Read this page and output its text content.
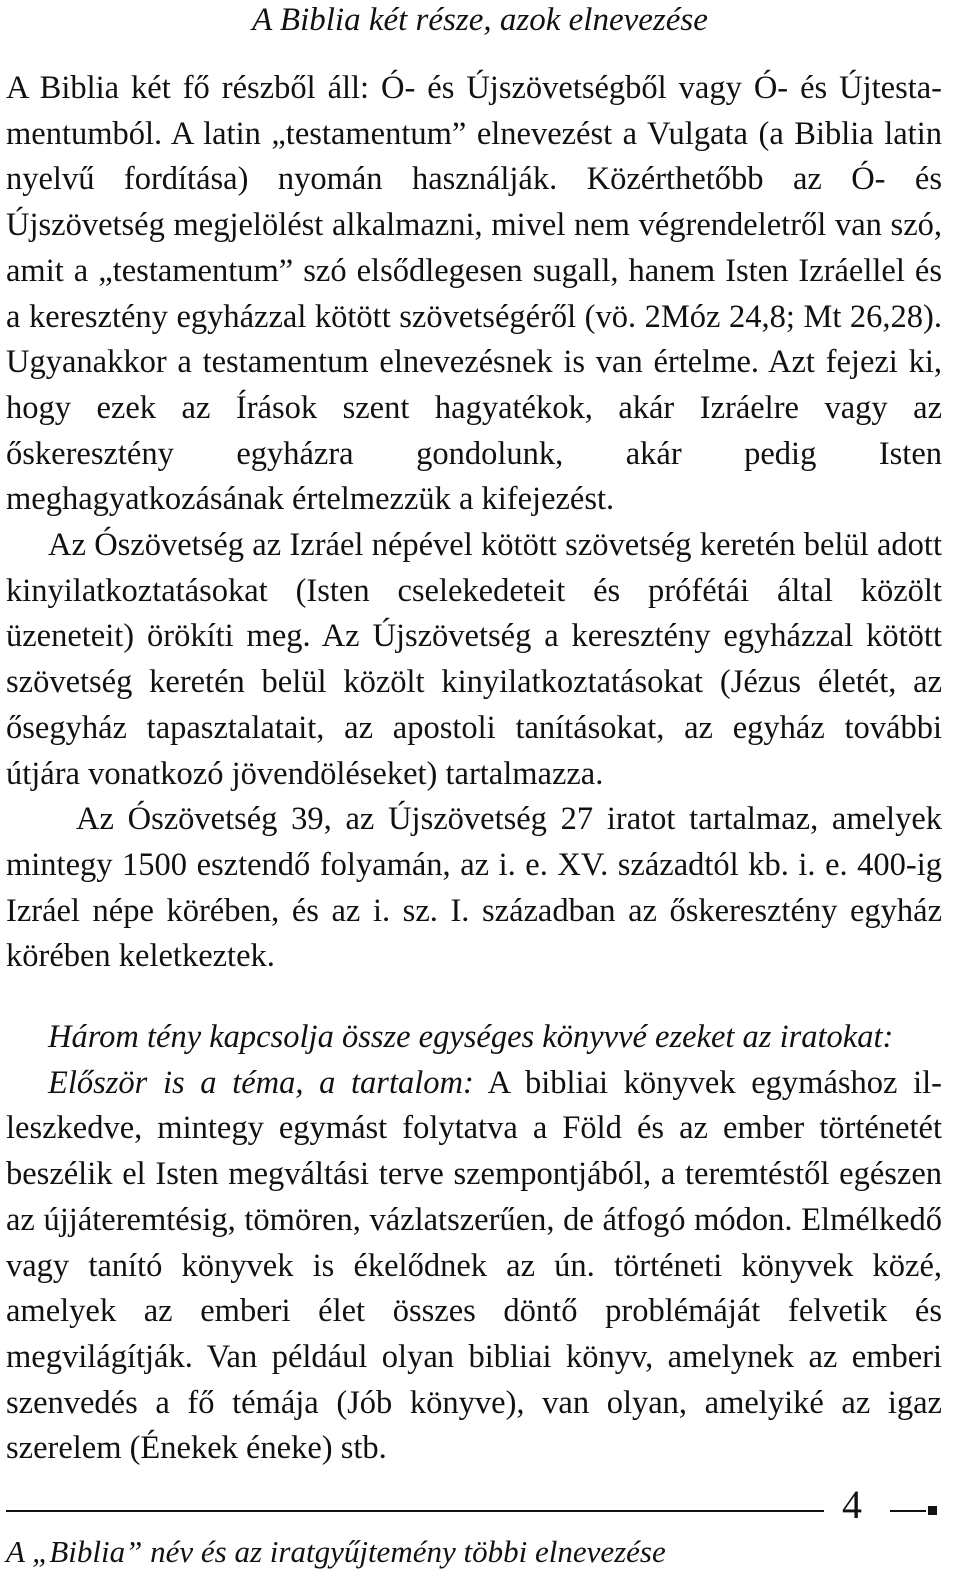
A Biblia két része, azok elnevezése

A Biblia két fő részből áll: Ó- és Újszövetségből vagy Ó- és Újtestamentumból. A latin „testamentum” elnevezést a Vulgata (a Biblia latin nyelvű fordítása) nyomán használják. Közérthetőbb az Ó- és Újszövetség megjelölést alkalmazni, mivel nem végrendeletről van szó, amit a „testamentum” szó elsődlegesen sugall, hanem Isten Izráellel és a keresztény egyházzal kötött szövetségéről (vö. 2Móz 24,8; Mt 26,28). Ugyanakkor a testamentum elnevezésnek is van értelme. Azt fejezi ki, hogy ezek az Írások szent hagyatékok, akár Izráelre vagy az őskeresztény egyházra gondolunk, akár pedig Isten meghagyatkozásának értelmezzük a kifejezést.

Az Ószövetség az Izráel népével kötött szövetség keretén belül adott kinyilatkoztatásokat (Isten cselekedeteit és prófétái által közölt üzeneteit) örökíti meg. Az Újszövetség a keresztény egyházzal kötött szövetség keretén belül közölt kinyilatkoztatásokat (Jézus életét, az ősegyház tapasztalatait, az apostoli tanításokat, az egyház további útjára vonatkozó jövendöléseket) tartalmazza.

Az Ószövetség 39, az Újszövetség 27 iratot tartalmaz, amelyek mintegy 1500 esztendő folyamán, az i. e. XV. századtól kb. i. e. 400-ig Izráel népe körében, és az i. sz. I. században az őskeresztény egyház körében keletkeztek.

Három tény kapcsolja össze egységes könyvvé ezeket az iratokat:

Először is a téma, a tartalom: A bibliai könyvek egymáshoz illeszkedve, mintegy egymást folytatva a Föld és az ember történetét beszélik el Isten megváltási terve szempontjából, a teremtéstől egészen az újjáteremtésig, tömören, vázlatszerűen, de átfogó módon. Elmélkedő vagy tanító könyvek is ékelődnek az ún. történeti könyvek közé, amelyek az emberi élet összes döntő problémáját felvetik és megvilágítják. Van például olyan bibliai könyv, amelynek az emberi szenvedés a fő témája (Jób könyve), van olyan, amelyiké az igaz szerelem (Énekek éneke) stb.

4
A „Biblia” név és az iratgyűjtemény többi elnevezése
